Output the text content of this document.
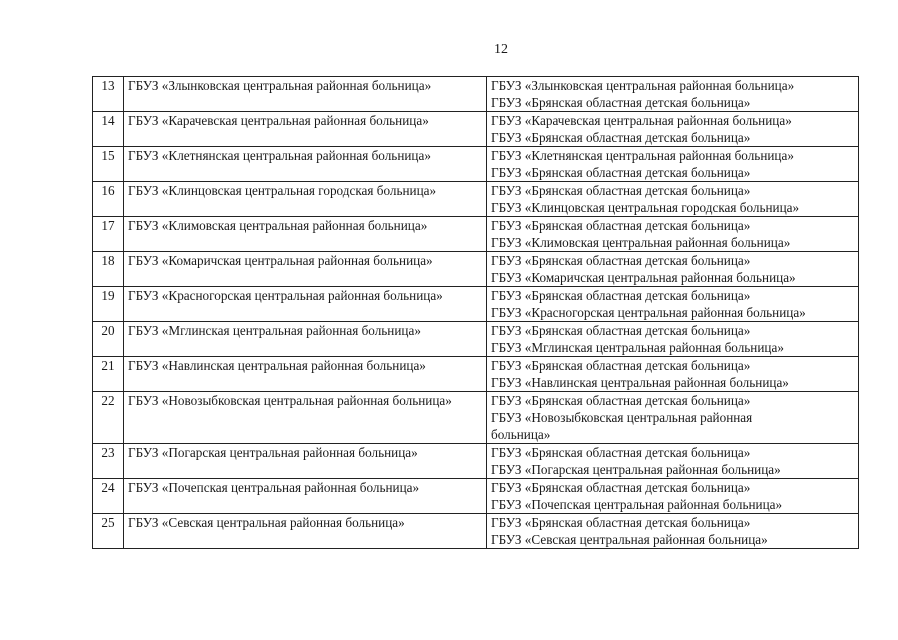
12
13	ГБУЗ «Злынковская центральная районная больница»	ГБУЗ «Злынковская центральная районная больница»
ГБУЗ «Брянская областная детская больница»

14	ГБУЗ «Карачевская центральная районная больница»	ГБУЗ «Карачевская центральная районная больница»
ГБУЗ «Брянская областная детская больница»

15	ГБУЗ «Клетнянская центральная районная больница»	ГБУЗ «Клетнянская центральная районная больница»
ГБУЗ «Брянская областная детская больница»

16	ГБУЗ «Клинцовская центральная городская больница»	ГБУЗ «Брянская областная детская больница»
ГБУЗ «Клинцовская центральная городская больница»

17	ГБУЗ «Климовская центральная районная больница»	ГБУЗ «Брянская областная детская больница»
ГБУЗ «Климовская центральная районная больница»

18	ГБУЗ «Комаричская центральная районная больница»	ГБУЗ «Брянская областная детская больница»
ГБУЗ «Комаричская центральная районная больница»

19	ГБУЗ «Красногорская центральная районная больница»	ГБУЗ «Брянская областная детская больница»
ГБУЗ «Красногорская центральная районная больница»

20	ГБУЗ «Мглинская центральная районная больница»	ГБУЗ «Брянская областная детская больница»
ГБУЗ «Мглинская центральная районная больница»

21	ГБУЗ «Навлинская центральная районная больница»	ГБУЗ «Брянская областная детская больница»
ГБУЗ «Навлинская центральная районная больница»

22	ГБУЗ «Новозыбковская центральная районная больница»	ГБУЗ «Брянская областная детская больница»
ГБУЗ «Новозыбковская центральная районная больница»

23	ГБУЗ «Погарская центральная районная больница»	ГБУЗ «Брянская областная детская больница»
ГБУЗ «Погарская центральная районная больница»

24	ГБУЗ «Почепская центральная районная больница»	ГБУЗ «Брянская областная детская больница»
ГБУЗ «Почепская центральная районная больница»

25	ГБУЗ «Севская центральная районная больница»	ГБУЗ «Брянская областная детская больница»
ГБУЗ «Севская центральная районная больница»
